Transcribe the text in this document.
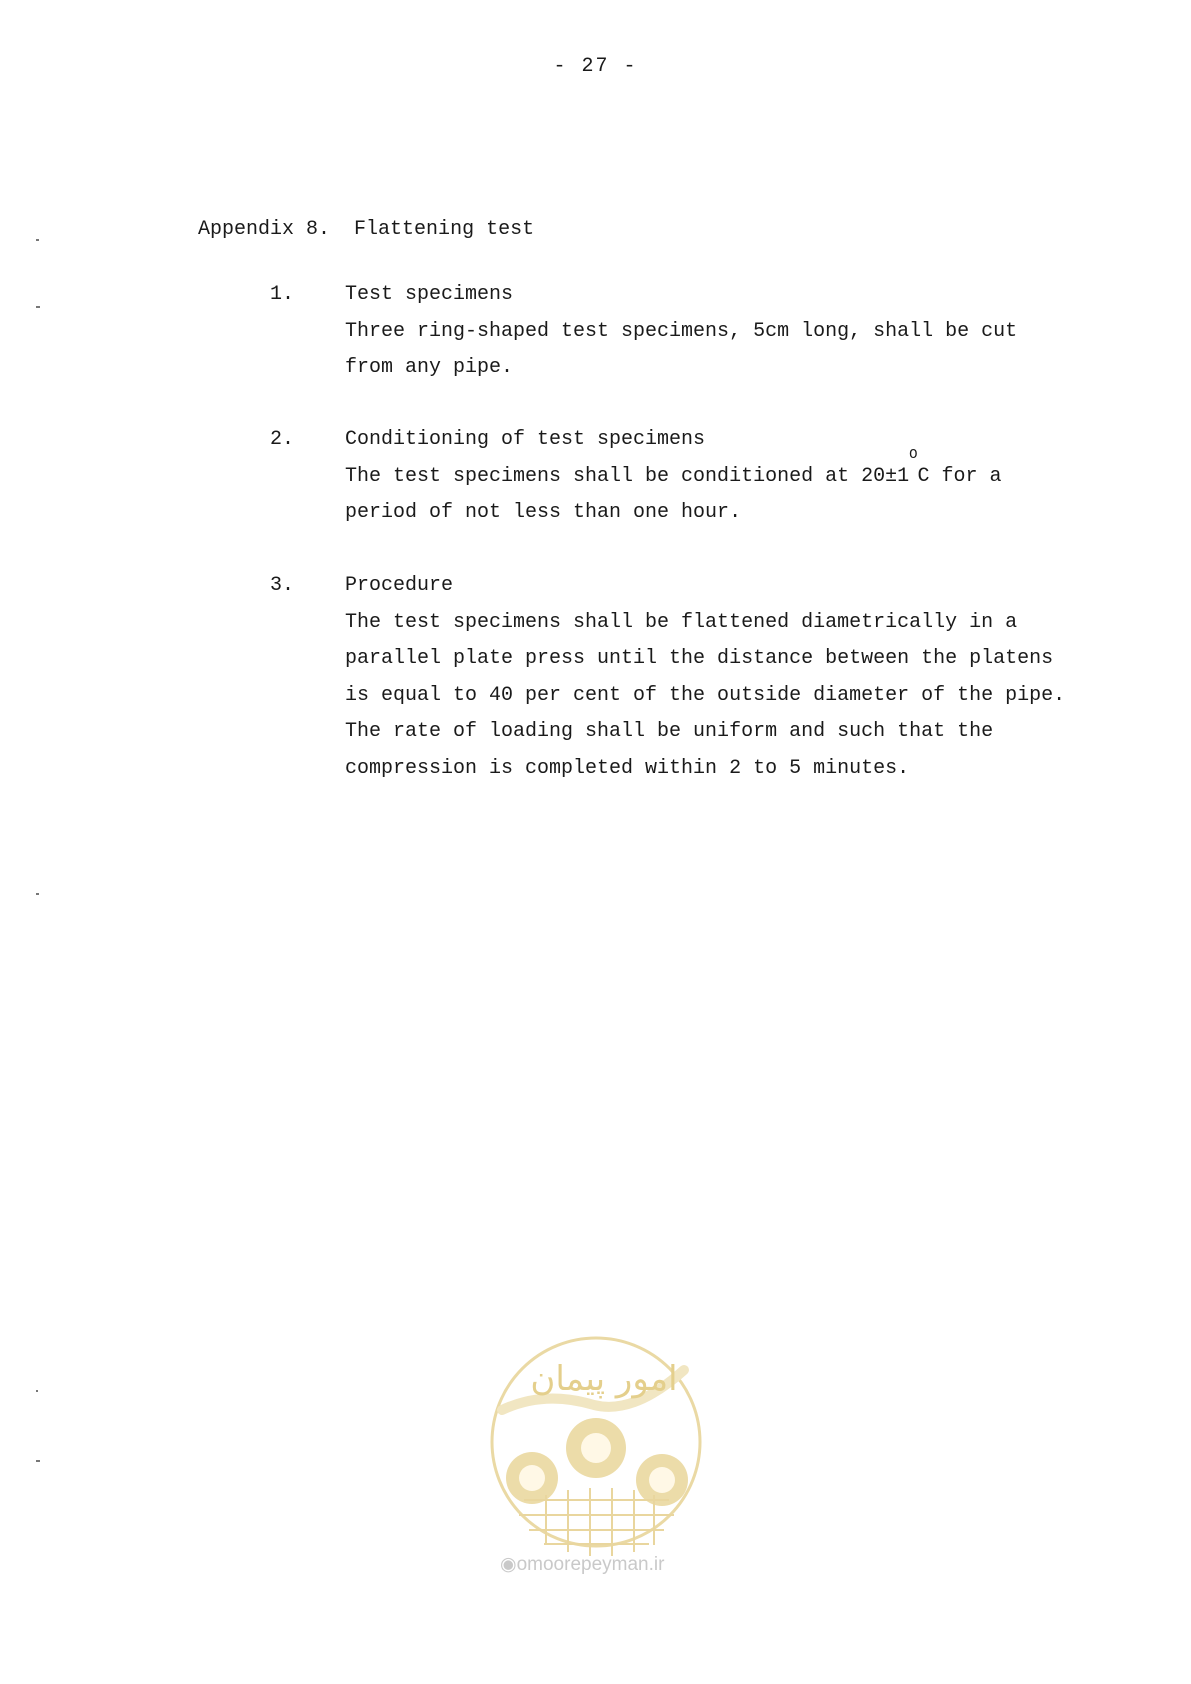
- 27 -
Appendix 8. Flattening test
1.	Test specimens
Three ring-shaped test specimens, 5cm long, shall be cut
from any pipe.
2.	Conditioning of test specimens
The test specimens shall be conditioned at $20\pm 1^OC$ for a
period of not less than one hour.
3.	Procedure
The test specimens shall be flattened diametrically in a
parallel plate press until the distance between the platens
is equal to 40 per cent of the outside diameter of the pipe.
The rate of loading shall be uniform and such that the
compression is completed within 2 to 5 minutes.
امور پیمان
◉omoorepeyman.ir
